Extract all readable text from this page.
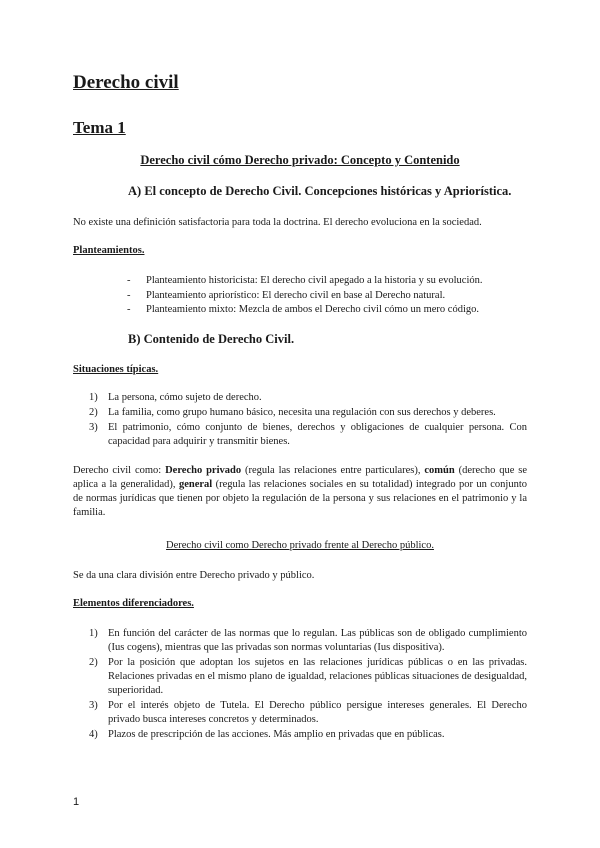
Derecho civil
Tema 1
Derecho civil cómo Derecho privado: Concepto y Contenido
A) El concepto de Derecho Civil. Concepciones históricas y Apriorística.
No existe una definición satisfactoria para toda la doctrina. El derecho evoluciona en la sociedad.
Planteamientos.
- Planteamiento historicista: El derecho civil apegado a la historia y su evolución.
- Planteamiento apriorístico: El derecho civil en base al Derecho natural.
- Planteamiento mixto: Mezcla de ambos el Derecho civil cómo un mero código.
B) Contenido de Derecho Civil.
Situaciones típicas.
1) La persona, cómo sujeto de derecho.
2) La familia, como grupo humano básico, necesita una regulación con sus derechos y deberes.
3) El patrimonio, cómo conjunto de bienes, derechos y obligaciones de cualquier persona. Con capacidad para adquirir y transmitir bienes.
Derecho civil como: Derecho privado (regula las relaciones entre particulares), común (derecho que se aplica a la generalidad), general (regula las relaciones sociales en su totalidad) integrado por un conjunto de normas jurídicas que tienen por objeto la regulación de la persona y sus relaciones en el patrimonio y la familia.
Derecho civil como Derecho privado frente al Derecho público.
Se da una clara división entre Derecho privado y público.
Elementos diferenciadores.
1) En función del carácter de las normas que lo regulan. Las públicas son de obligado cumplimiento (Ius cogens), mientras que las privadas son normas voluntarias (Ius dispositiva).
2) Por la posición que adoptan los sujetos en las relaciones jurídicas públicas o en las privadas. Relaciones privadas en el mismo plano de igualdad, relaciones públicas situaciones de desigualdad, superioridad.
3) Por el interés objeto de Tutela. El Derecho público persigue intereses generales. El Derecho privado busca intereses concretos y determinados.
4) Plazos de prescripción de las acciones. Más amplio en privadas que en públicas.
1
